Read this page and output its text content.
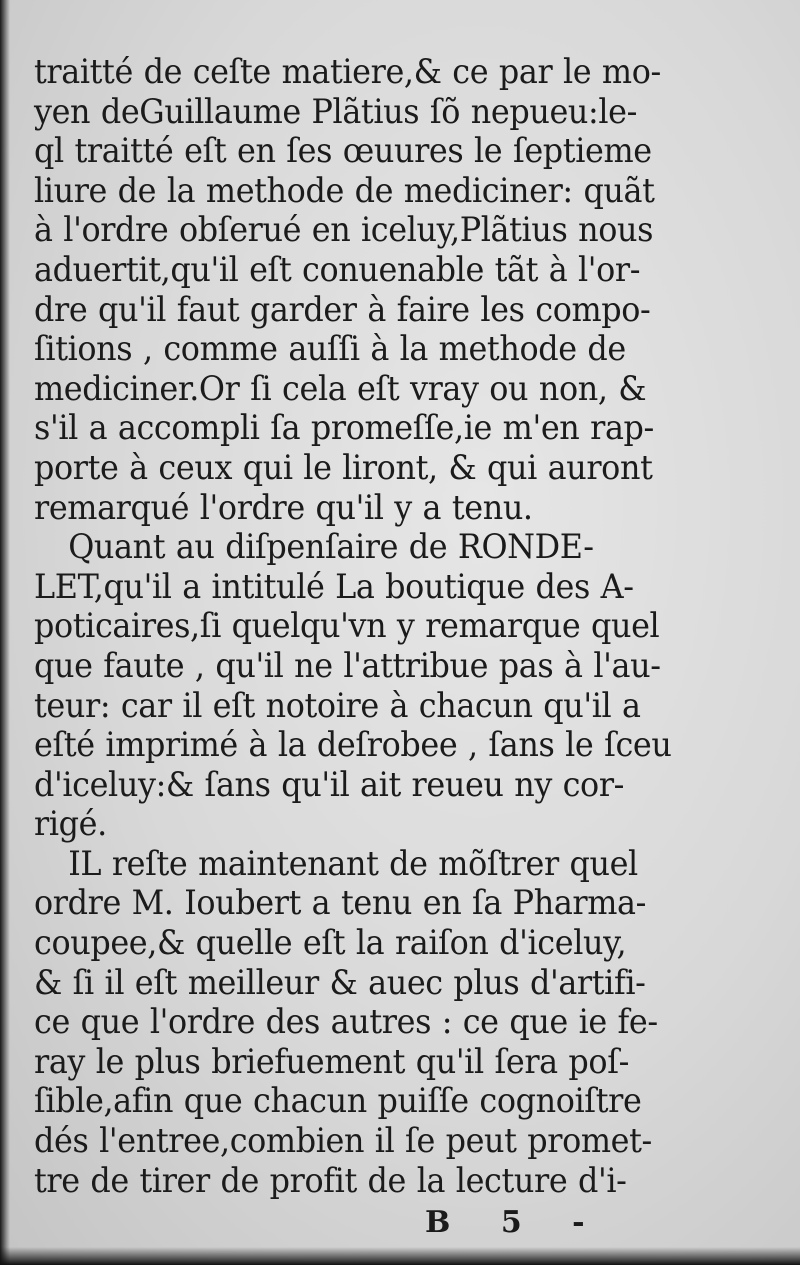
traitté de ceſte matiere,& ce par le mo-
yen deGuillaume Plãtius ſõ nepueu:le-
ql traitté eſt en ſes œuures le ſeptieme
liure de la methode de mediciner: quãt
à l'ordre obſerué en iceluy,Plãtius nous
aduertit,qu'il eſt conuenable tãt à l'or-
dre qu'il faut garder à faire les compo-
ſitions , comme auſſi à la methode de
mediciner.Or ſi cela eſt vray ou non, &
s'il a accompli ſa promeſſe,ie m'en rap-
porte à ceux qui le liront, & qui auront
remarqué l'ordre qu'il y a tenu.
Quant au diſpenſaire de RONDE-
LET,qu'il a intitulé La boutique des A-
poticaires,ſi quelqu'vn y remarque quel
que faute , qu'il ne l'attribue pas à l'au-
teur: car il eſt notoire à chacun qu'il a
eſté imprimé à la deſrobee , ſans le ſceu
d'iceluy:& ſans qu'il ait reueu ny cor-
rigé.
IL reſte maintenant de mõſtrer quel
ordre M. Ioubert a tenu en ſa Pharma-
coupee,& quelle eſt la raiſon d'iceluy,
& ſi il eſt meilleur & auec plus d'artifi-
ce que l'ordre des autres : ce que ie fe-
ray le plus briefuement qu'il ſera poſ-
ſible,afin que chacun puiſſe cognoiſtre
dés l'entree,combien il ſe peut promet-
tre de tirer de profit de la lecture d'i-
B 5 -
